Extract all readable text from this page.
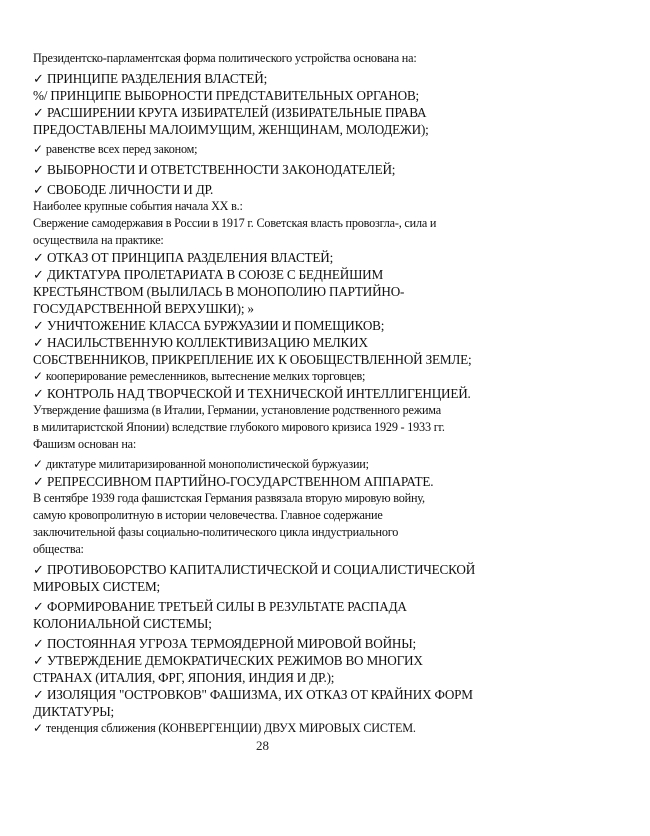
Президентско-парламентская форма политического устройства основана на:
✓ ПРИНЦИПЕ РАЗДЕЛЕНИЯ ВЛАСТЕЙ;
%/ ПРИНЦИПЕ ВЫБОРНОСТИ ПРЕДСТАВИТЕЛЬНЫХ ОРГАНОВ;
✓ РАСШИРЕНИИ КРУГА ИЗБИРАТЕЛЕЙ (ИЗБИРАТЕЛЬНЫЕ ПРАВА
ПРЕДОСТАВЛЕНЫ МАЛОИМУЩИМ, ЖЕНЩИНАМ, МОЛОДЕЖИ);
✓ равенстве всех перед законом;
✓ ВЫБОРНОСТИ И ОТВЕТСТВЕННОСТИ ЗАКОНОДАТЕЛЕЙ;
✓ СВОБОДЕ ЛИЧНОСТИ И ДР.
Наиболее крупные события начала XX в.:
Свержение самодержавия в России в 1917 г. Советская власть провозгла-, сила и
осуществила на практике:
✓ ОТКАЗ ОТ ПРИНЦИПА РАЗДЕЛЕНИЯ ВЛАСТЕЙ;
✓ ДИКТАТУРА ПРОЛЕТАРИАТА В СОЮЗЕ С БЕДНЕЙШИМ
КРЕСТЬЯНСТВОМ (ВЫЛИЛАСЬ В МОНОПОЛИЮ ПАРТИЙНО-
ГОСУДАРСТВЕННОЙ ВЕРХУШКИ); »
✓ УНИЧТОЖЕНИЕ КЛАССА БУРЖУАЗИИ И ПОМЕЩИКОВ;
✓ НАСИЛЬСТВЕННУЮ КОЛЛЕКТИВИЗАЦИЮ МЕЛКИХ
СОБСТВЕННИКОВ, ПРИКРЕПЛЕНИЕ ИХ К ОБОБЩЕСТВЛЕННОЙ ЗЕМЛЕ;
✓ кооперирование ремесленников, вытеснение мелких торговцев;
✓ КОНТРОЛЬ НАД ТВОРЧЕСКОЙ И ТЕХНИЧЕСКОЙ ИНТЕЛЛИГЕНЦИЕЙ.
Утверждение фашизма (в Италии, Германии, установление родственного режима
в милитаристской Японии) вследствие глубокого мирового кризиса 1929 - 1933 гг.
Фашизм основан на:
✓ диктатуре милитаризированной монополистической буржуазии;
✓ РЕПРЕССИВНОМ ПАРТИЙНО-ГОСУДАРСТВЕННОМ АППАРАТЕ.
В сентябре 1939 года фашистская Германия развязала вторую мировую войну,
самую кровопролитную в истории человечества. Главное содержание
заключительной фазы социально-политического цикла индустриального
общества:
✓ ПРОТИВОБОРСТВО КАПИТАЛИСТИЧЕСКОЙ И СОЦИАЛИСТИЧЕСКОЙ
МИРОВЫХ СИСТЕМ;
✓ ФОРМИРОВАНИЕ ТРЕТЬЕЙ СИЛЫ В РЕЗУЛЬТАТЕ РАСПАДА
КОЛОНИАЛЬНОЙ СИСТЕМЫ;
✓ ПОСТОЯННАЯ УГРОЗА ТЕРМОЯДЕРНОЙ МИРОВОЙ ВОЙНЫ;
✓ УТВЕРЖДЕНИЕ ДЕМОКРАТИЧЕСКИХ РЕЖИМОВ ВО МНОГИХ
СТРАНАХ (ИТАЛИЯ, ФРГ, ЯПОНИЯ, ИНДИЯ И ДР.);
✓ ИЗОЛЯЦИЯ "ОСТРОВКОВ" ФАШИЗМА, ИХ ОТКАЗ ОТ КРАЙНИХ ФОРМ
ДИКТАТУРЫ;
✓ тенденция сближения (КОНВЕРГЕНЦИИ) ДВУХ МИРОВЫХ СИСТЕМ.
28
